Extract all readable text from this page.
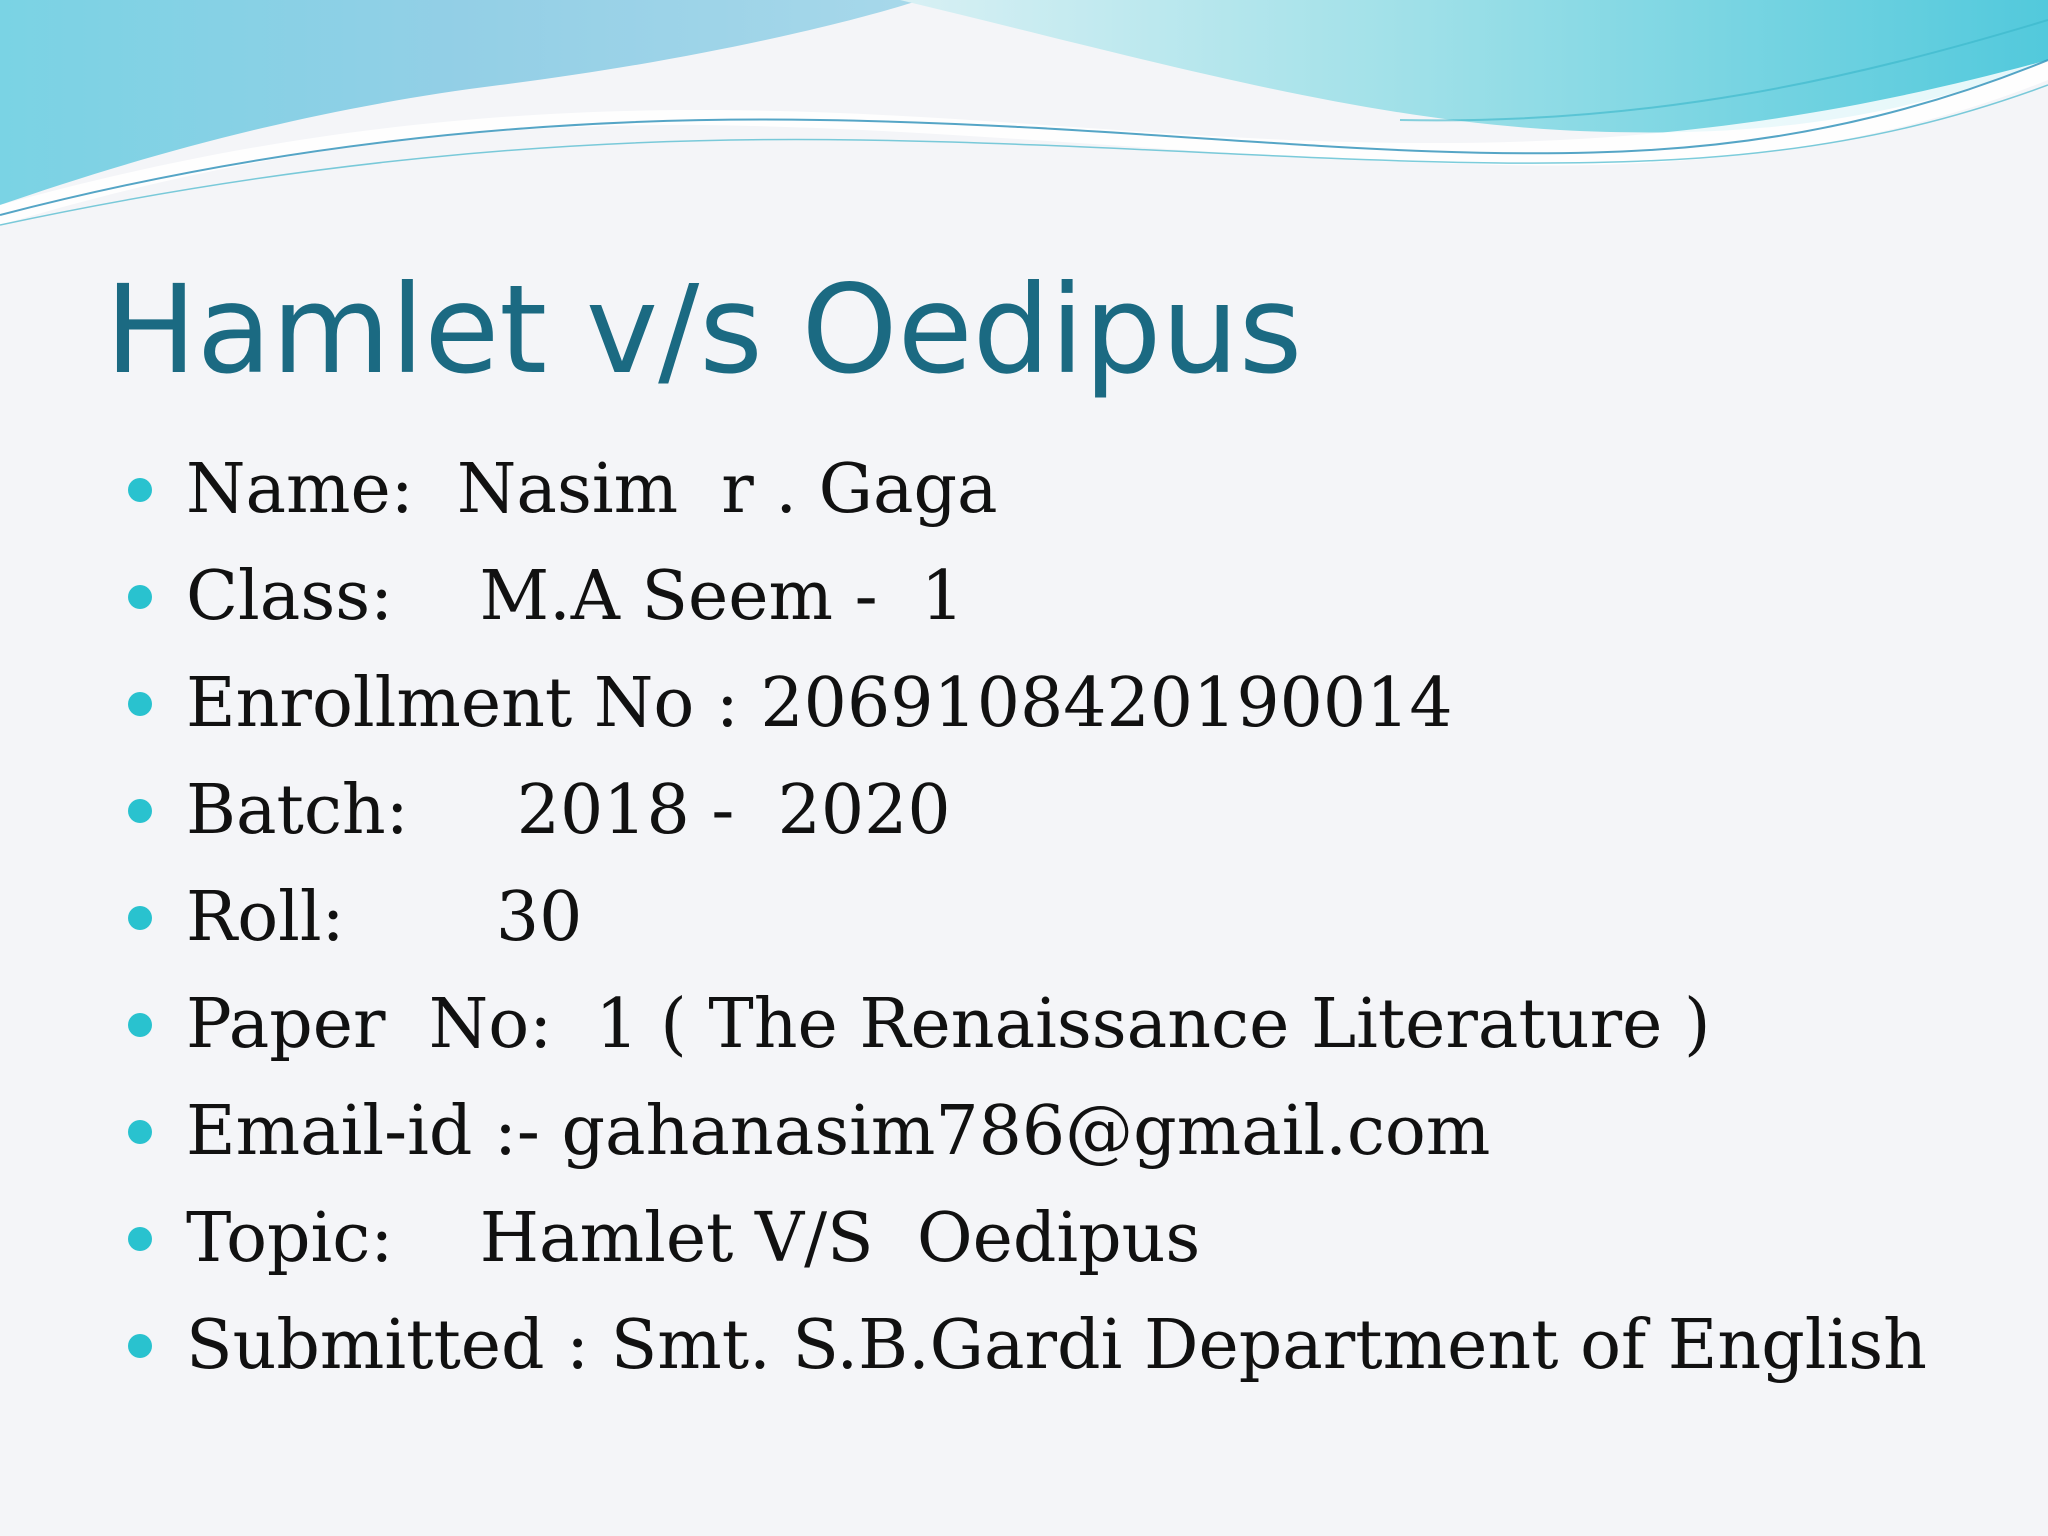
Hamlet v/s Oedipus

Name:  Nasim  r . Gaga

Class:    M.A Seem -  1

Enrollment No : 2069108420190014

Batch:     2018 -  2020

Roll:       30

Paper  No:  1 ( The Renaissance Literature )

Email-id :- gahanasim786@gmail.com

Topic:    Hamlet V/S  Oedipus

Submitted : Smt. S.B.Gardi Department of English
